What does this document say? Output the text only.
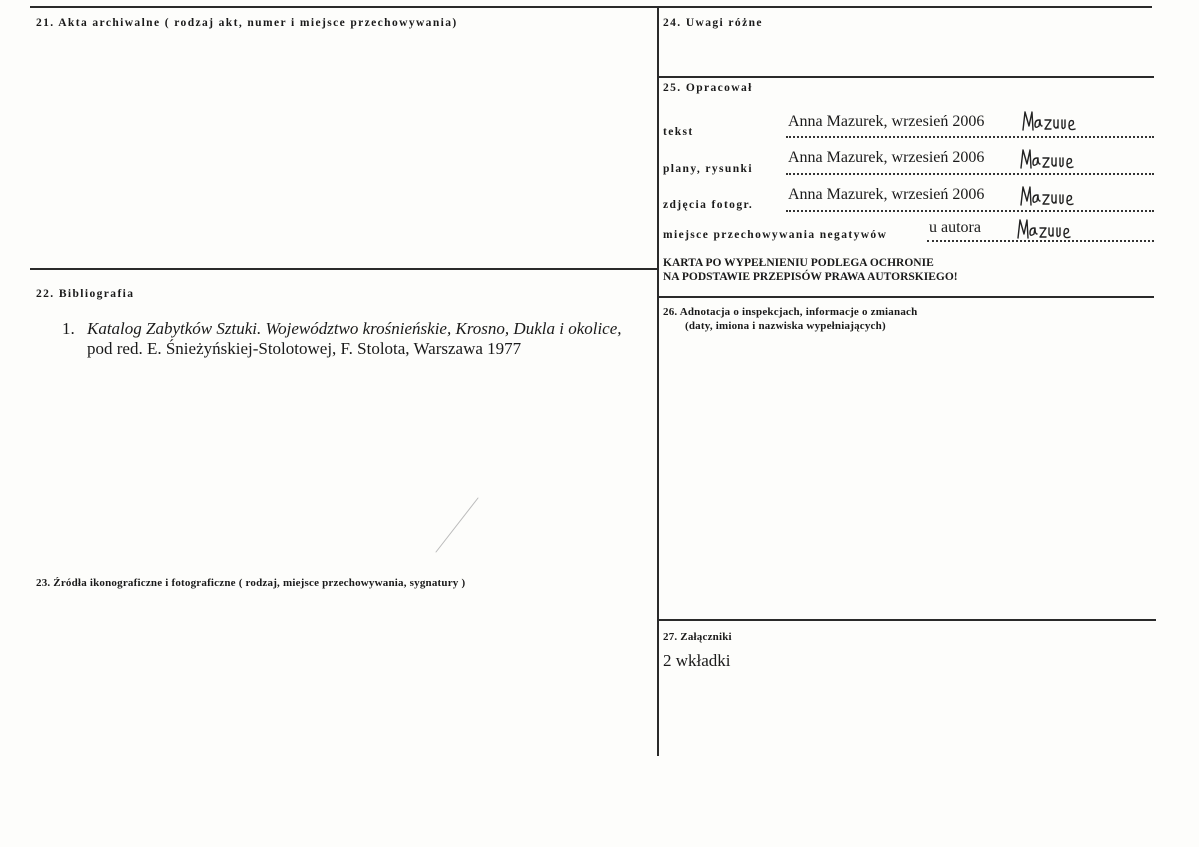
21. Akta archiwalne ( rodzaj akt, numer i miejsce przechowywania)
22. Bibliografia
1. Katalog Zabytków Sztuki. Województwo krośnieńskie, Krosno, Dukla i okolice,
pod red. E. Śnieżyńskiej-Stolotowej, F. Stolota, Warszawa 1977
23. Źródła ikonograficzne i fotograficzne ( rodzaj, miejsce przechowywania, sygnatury )
24. Uwagi różne
25. Opracował
tekst
Anna Mazurek, wrzesień 2006
plany, rysunki
Anna Mazurek, wrzesień 2006
zdjęcia fotogr.
Anna Mazurek, wrzesień 2006
miejsce przechowywania negatywów	u autora
KARTA PO WYPEŁNIENIU PODLEGA OCHRONIE
NA PODSTAWIE PRZEPISÓW PRAWA AUTORSKIEGO!
26. Adnotacja o inspekcjach, informacje o zmianach
(daty, imiona i nazwiska wypełniających)
27. Załączniki
2 wkładki
